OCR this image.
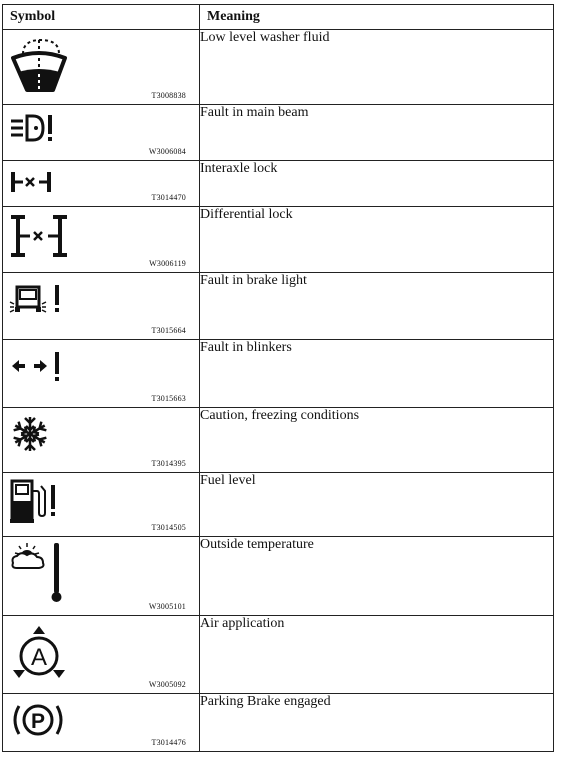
Symbol	Meaning

T3008838	Low level washer fluid

W3006084	Fault in main beam

T3014470	Interaxle lock

W3006119	Differential lock

T3015664	Fault in brake light

T3015663	Fault in blinkers

T3014395	Caution, freezing conditions

T3014505	Fuel level

W3005101	Outside temperature

A
W3005092	Air application

P
T3014476	Parking Brake engaged
